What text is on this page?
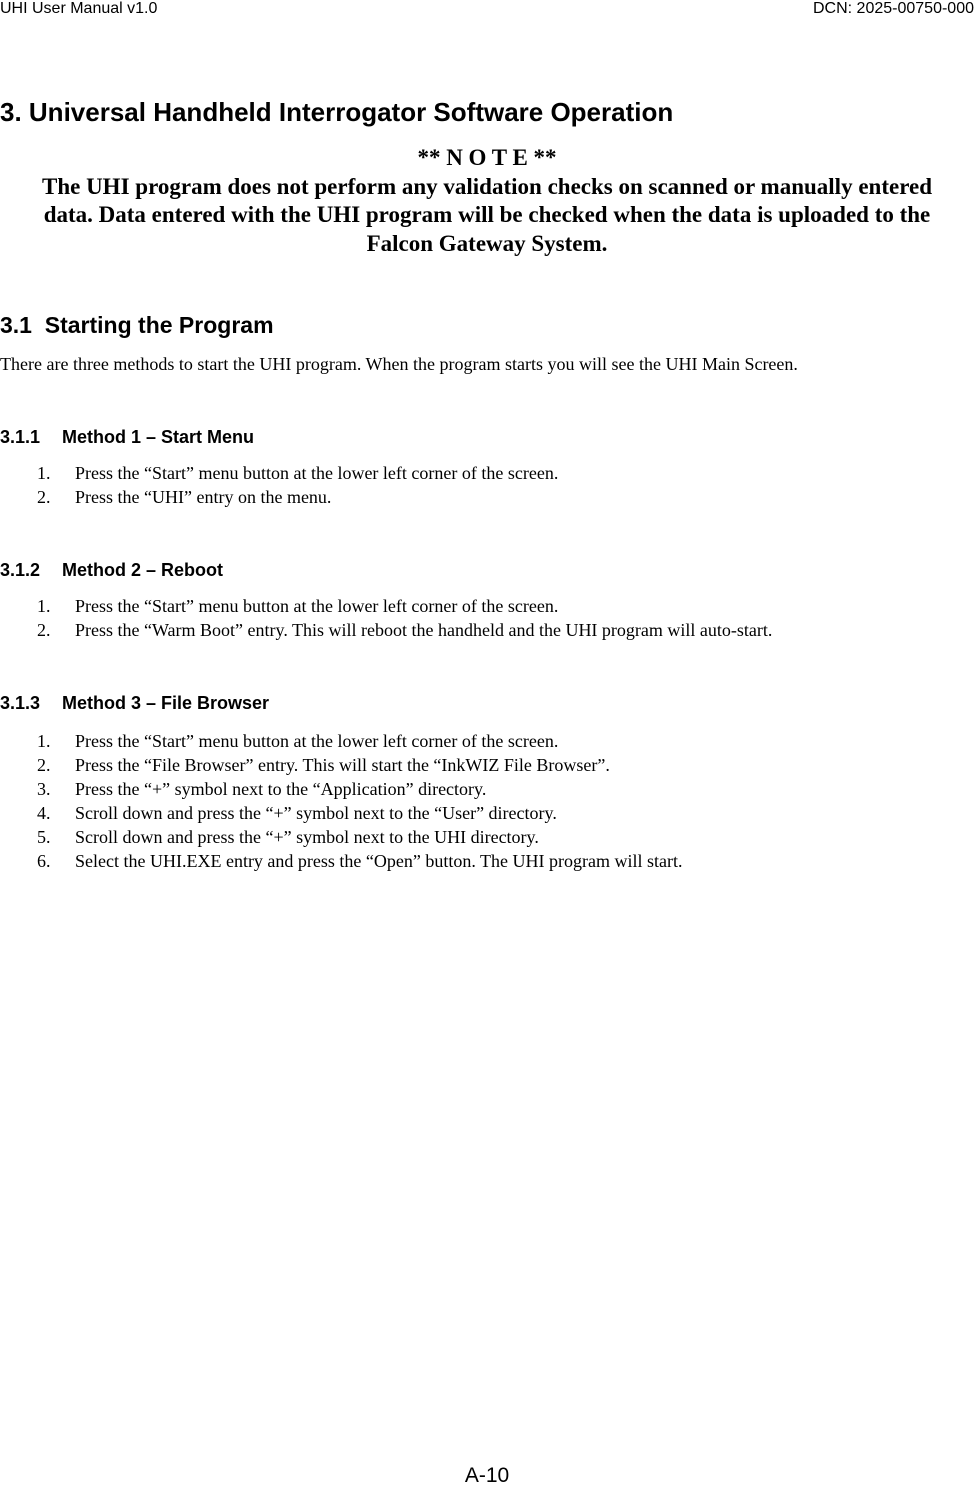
UHI User Manual v1.0	DCN: 2025-00750-000
3. Universal Handheld Interrogator Software Operation
** N O T E **
The UHI program does not perform any validation checks on scanned or manually entered
data. Data entered with the UHI program will be checked when the data is uploaded to the
Falcon Gateway System.
3.1 Starting the Program
There are three methods to start the UHI program. When the program starts you will see the UHI Main Screen.
3.1.1 Method 1 – Start Menu
1. Press the “Start” menu button at the lower left corner of the screen.
2. Press the “UHI” entry on the menu.
3.1.2 Method 2 – Reboot
1. Press the “Start” menu button at the lower left corner of the screen.
2. Press the “Warm Boot” entry. This will reboot the handheld and the UHI program will auto-start.
3.1.3 Method 3 – File Browser
1. Press the “Start” menu button at the lower left corner of the screen.
2. Press the “File Browser” entry. This will start the “InkWIZ File Browser”.
3. Press the “+” symbol next to the “Application” directory.
4. Scroll down and press the “+” symbol next to the “User” directory.
5. Scroll down and press the “+” symbol next to the UHI directory.
6. Select the UHI.EXE entry and press the “Open” button. The UHI program will start.
A-10
